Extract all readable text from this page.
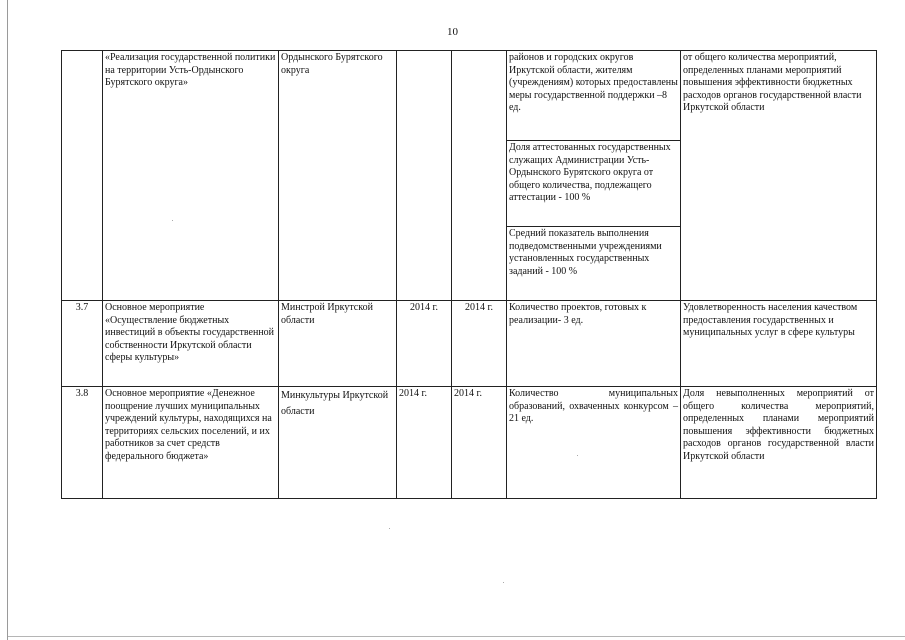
10
	«Реализация государственной политики на территории Усть-Ордынского Бурятского округа»	Ордынского Бурятского округа			районов и городских округов Иркутской области, жителям (учреждениям) которых предоставлены меры государственной поддержки –8 ед.	от общего количества мероприятий, определенных планами мероприятий повышения эффективности бюджетных расходов органов государственной власти Иркутской области
					Доля аттестованных государственных служащих Администрации Усть-Ордынского Бурятского округа от общего количества, подлежащего аттестации - 100 %	
					Средний показатель выполнения подведомственными учреждениями установленных государственных заданий - 100 %	
3.7	Основное мероприятие «Осуществление бюджетных инвестиций в объекты государственной собственности Иркутской области сферы культуры»	Минстрой Иркутской области	2014 г.	2014 г.	Количество проектов, готовых к реализации- 3 ед.	Удовлетворенность населения качеством предоставления государственных и муниципальных услуг в сфере культуры
3.8	Основное мероприятие «Денежное поощрение лучших муниципальных учреждений культуры, находящихся на территориях сельских поселений, и их работников за счет средств федерального бюджета»	Минкультуры Иркутской области	2014 г.	2014 г.	Количество муниципальных образований, охваченных конкурсом – 21 ед.	Доля невыполненных мероприятий от общего количества мероприятий, определенных планами мероприятий повышения эффективности бюджетных расходов органов государственной власти Иркутской области
